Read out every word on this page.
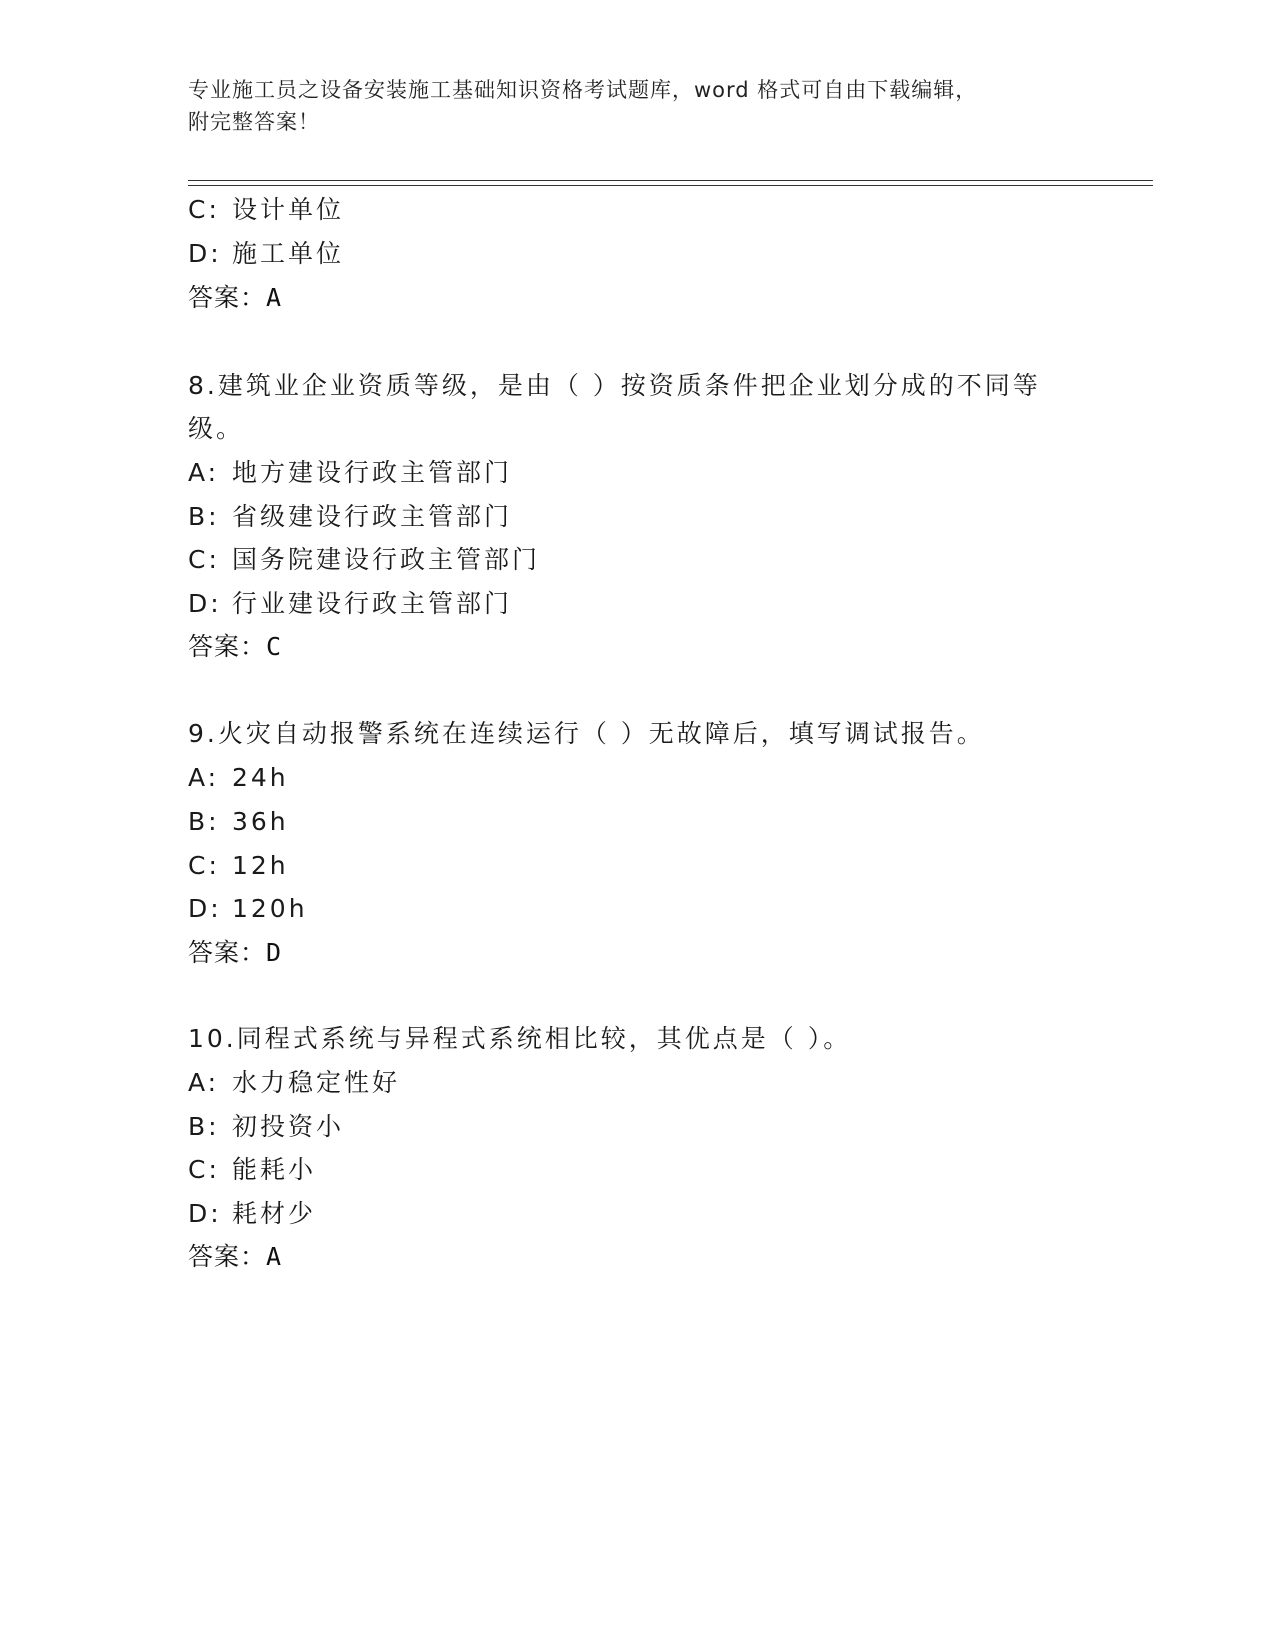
专业施工员之设备安装施工基础知识资格考试题库，word 格式可自由下载编辑，
附完整答案！
C: 设计单位
D: 施工单位
答案：A
8.建筑业企业资质等级，是由（ ）按资质条件把企业划分成的不同等
级。
A: 地方建设行政主管部门
B: 省级建设行政主管部门
C: 国务院建设行政主管部门
D: 行业建设行政主管部门
答案：C
9.火灾自动报警系统在连续运行（ ）无故障后，填写调试报告。
A: 24h
B: 36h
C: 12h
D: 120h
答案：D
10.同程式系统与异程式系统相比较，其优点是（ ）。
A: 水力稳定性好
B: 初投资小
C: 能耗小
D: 耗材少
答案：A
